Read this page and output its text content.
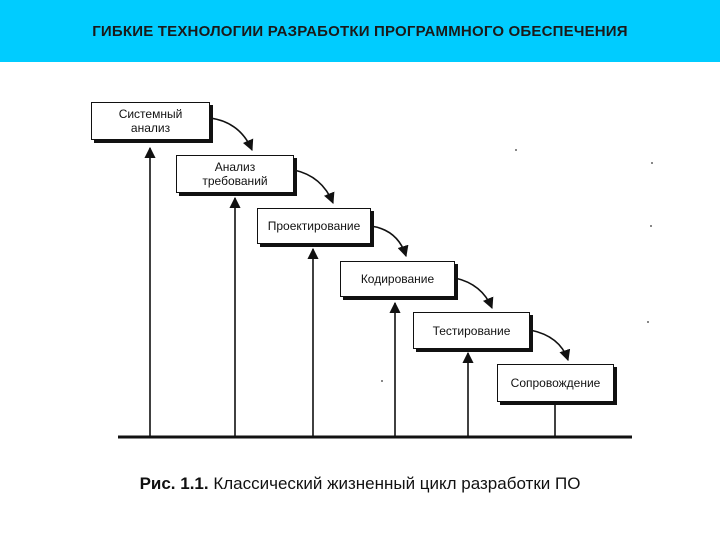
ГИБКИЕ ТЕХНОЛОГИИ РАЗРАБОТКИ ПРОГРАММНОГО ОБЕСПЕЧЕНИЯ
Системный
анализ
Анализ
требований
Проектирование
Кодирование
Тестирование
Сопровождение
Рис. 1.1. Классический жизненный цикл разработки ПО
